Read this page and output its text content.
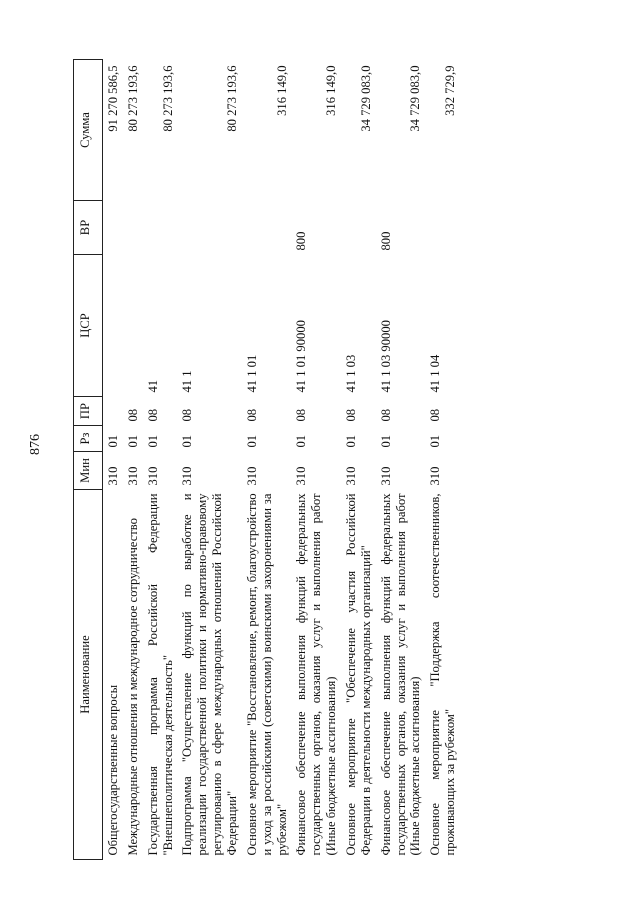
876
Наименование	Мин	Рз	ПР	ЦСР	ВР	Сумма
Общегосударственные вопросы	310	01				91 270 586,5
Международные отношения и международное сотрудничество	310	01	08			80 273 193,6
Государственная программа Российской Федерации "Внешнеполитическая деятельность"	310	01	08	41		80 273 193,6
Подпрограмма "Осуществление функций по выработке и реализации государственной политики и нормативно-правовому регулированию в сфере международных отношений Российской Федерации"	310	01	08	41 1		80 273 193,6
Основное мероприятие "Восстановление, ремонт, благоустройство и уход за российскими (советскими) воинскими захоронениями за рубежом"	310	01	08	41 1 01		316 149,0
Финансовое обеспечение выполнения функций федеральных государственных органов, оказания услуг и выполнения работ (Иные бюджетные ассигнования)	310	01	08	41 1 01 90000	800	316 149,0
Основное мероприятие "Обеспечение участия Российской Федерации в деятельности международных организаций"	310	01	08	41 1 03		34 729 083,0
Финансовое обеспечение выполнения функций федеральных государственных органов, оказания услуг и выполнения работ (Иные бюджетные ассигнования)	310	01	08	41 1 03 90000	800	34 729 083,0
Основное мероприятие "Поддержка соотечественников, проживающих за рубежом"	310	01	08	41 1 04		332 729,9
